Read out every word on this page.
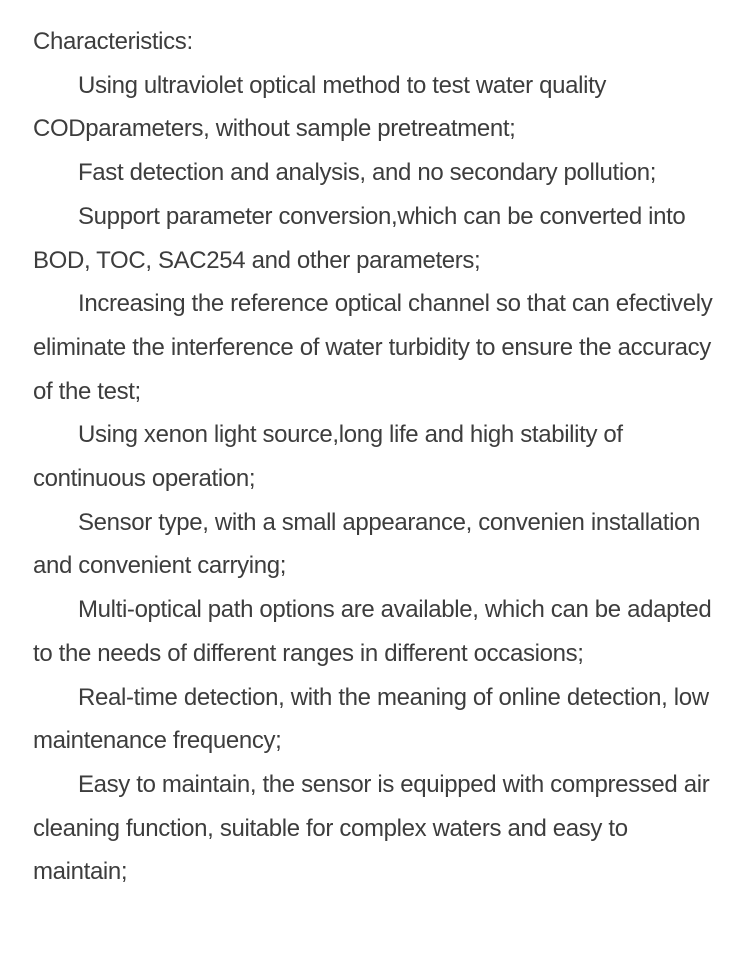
Characteristics:

Using ultraviolet optical method to test water quality CODparameters, without sample pretreatment;

Fast detection and analysis, and no secondary pollution;

Support parameter conversion,which can be converted into BOD, TOC, SAC254 and other parameters;

Increasing the reference optical channel so that can efectively eliminate the interference of water turbidity to ensure the accuracy of the test;

Using xenon light source,long life and high stability of continuous operation;

Sensor type, with a small appearance, convenien installation and convenient carrying;

Multi-optical path options are available, which can be adapted to the needs of different ranges in different occasions;

Real-time detection, with the meaning of online detection, low maintenance frequency;

Easy to maintain, the sensor is equipped with compressed air cleaning function, suitable for complex waters and easy to maintain;
